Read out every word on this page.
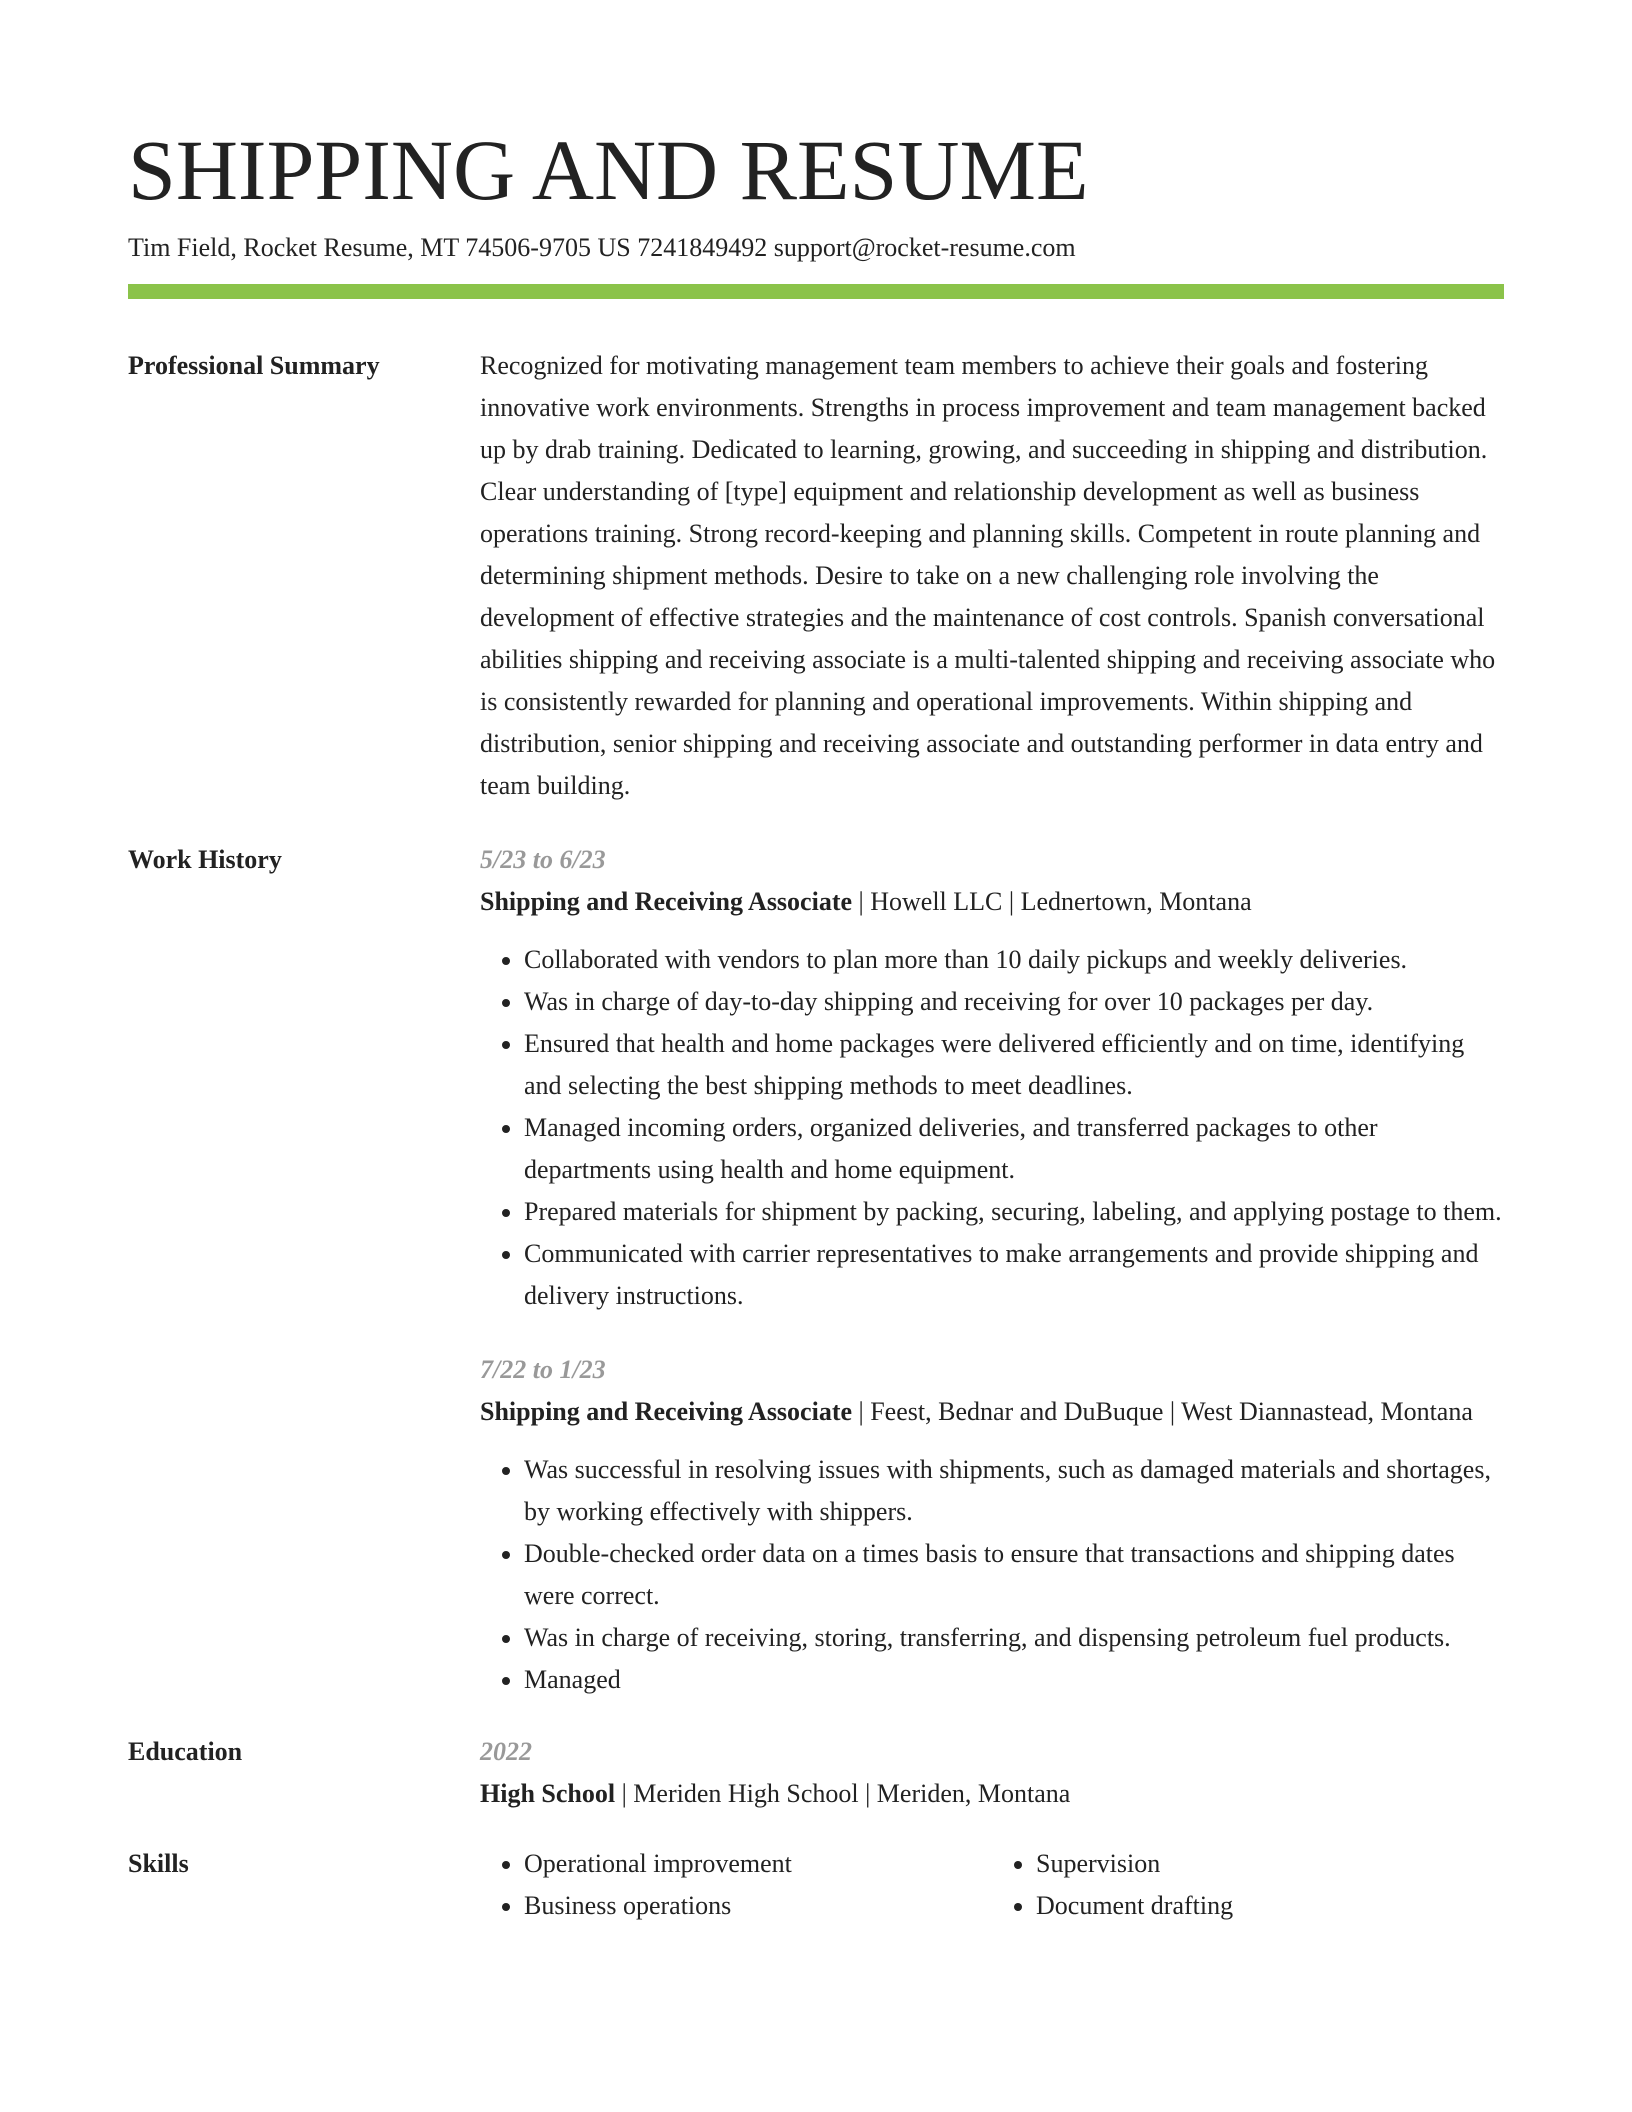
SHIPPING AND RESUME
Tim Field, Rocket Resume, MT 74506-9705 US 7241849492 support@rocket-resume.com
Professional Summary	Recognized for motivating management team members to achieve their goals and fostering innovative work environments. Strengths in process improvement and team management backed up by drab training. Dedicated to learning, growing, and succeeding in shipping and distribution. Clear understanding of [type] equipment and relationship development as well as business operations training. Strong record-keeping and planning skills. Competent in route planning and determining shipment methods. Desire to take on a new challenging role involving the development of effective strategies and the maintenance of cost controls. Spanish conversational abilities shipping and receiving associate is a multi-talented shipping and receiving associate who is consistently rewarded for planning and operational improvements. Within shipping and distribution, senior shipping and receiving associate and outstanding performer in data entry and team building.

Work History	5/23 to 6/23
Shipping and Receiving Associate | Howell LLC | Lednertown, Montana
• Collaborated with vendors to plan more than 10 daily pickups and weekly deliveries.
• Was in charge of day-to-day shipping and receiving for over 10 packages per day.
• Ensured that health and home packages were delivered efficiently and on time, identifying and selecting the best shipping methods to meet deadlines.
• Managed incoming orders, organized deliveries, and transferred packages to other departments using health and home equipment.
• Prepared materials for shipment by packing, securing, labeling, and applying postage to them.
• Communicated with carrier representatives to make arrangements and provide shipping and delivery instructions.
7/22 to 1/23
Shipping and Receiving Associate | Feest, Bednar and DuBuque | West Diannastead, Montana
• Was successful in resolving issues with shipments, such as damaged materials and shortages, by working effectively with shippers.
• Double-checked order data on a times basis to ensure that transactions and shipping dates were correct.
• Was in charge of receiving, storing, transferring, and dispensing petroleum fuel products.
• Managed
Education	2022
High School | Meriden High School | Meriden, Montana
Skills
•	Operational improvement
• Business operations
• Supervision
• Document drafting
